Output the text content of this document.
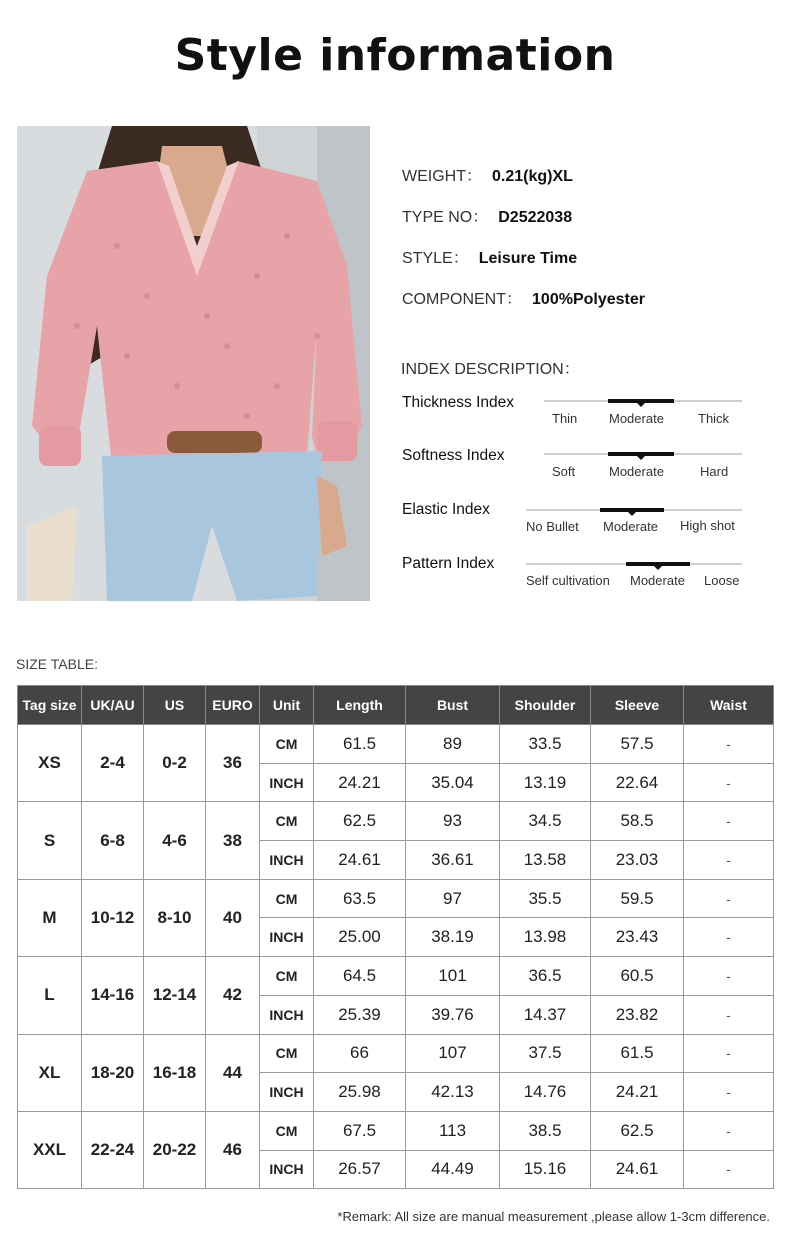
Style information
WEIGHT： 0.21(kg)XL
TYPE NO： D2522038
STYLE： Leisure Time
COMPONENT： 100%Polyester
INDEX DESCRIPTION：
Thickness Index
Thin Moderate	Thick
Softness Index
Soft	Moderate	Hard
Elastic Index
No Bullet Moderate High shot
Pattern Index
Self cultivation Moderate Loose
SIZE TABLE:
Tag size	UK/AU	US	EURO	Unit	Length	Bust	Shoulder	Sleeve	Waist
XS	2-4	0-2	36	CM	61.5	89	33.5	57.5	-
				INCH	24.21	35.04	13.19	22.64	-
S	6-8	4-6	38	CM	62.5	93	34.5	58.5	-
				INCH	24.61	36.61	13.58	23.03	-
M	10-12	8-10	40	CM	63.5	97	35.5	59.5	-
				INCH	25.00	38.19	13.98	23.43	-
L	14-16	12-14	42	CM	64.5	101	36.5	60.5	-
				INCH	25.39	39.76	14.37	23.82	-
XL	18-20	16-18	44	CM	66	107	37.5	61.5	-
				INCH	25.98	42.13	14.76	24.21	-
XXL	22-24	20-22	46	CM	67.5	113	38.5	62.5	-
				INCH	26.57	44.49	15.16	24.61	-
*Remark: All size are manual measurement ,please allow 1-3cm difference.
